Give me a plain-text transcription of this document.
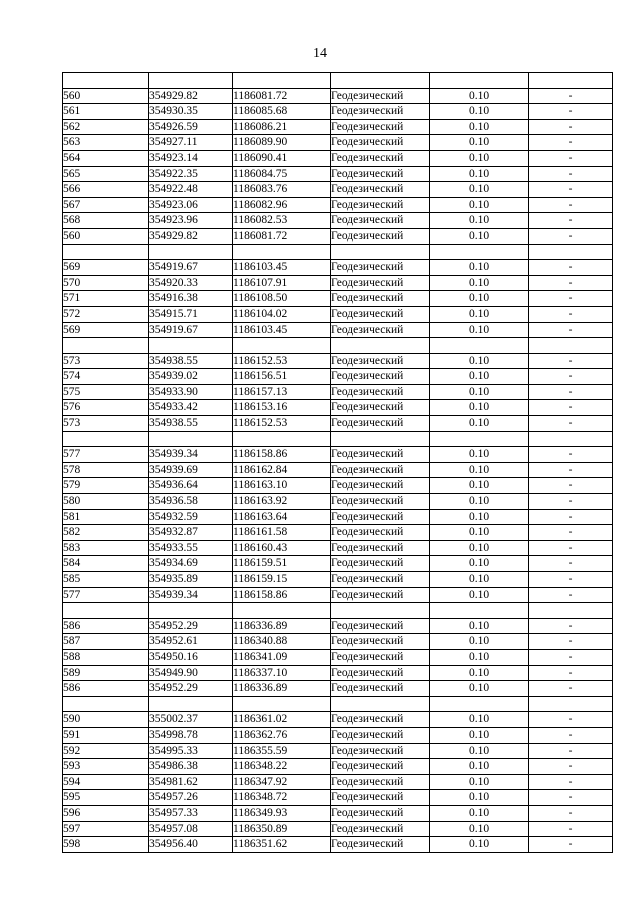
14

560	354929.82	1186081.72	Геодезический	0.10	-
561	354930.35	1186085.68	Геодезический	0.10	-
562	354926.59	1186086.21	Геодезический	0.10	-
563	354927.11	1186089.90	Геодезический	0.10	-
564	354923.14	1186090.41	Геодезический	0.10	-
565	354922.35	1186084.75	Геодезический	0.10	-
566	354922.48	1186083.76	Геодезический	0.10	-
567	354923.06	1186082.96	Геодезический	0.10	-
568	354923.96	1186082.53	Геодезический	0.10	-
560	354929.82	1186081.72	Геодезический	0.10	-

569	354919.67	1186103.45	Геодезический	0.10	-
570	354920.33	1186107.91	Геодезический	0.10	-
571	354916.38	1186108.50	Геодезический	0.10	-
572	354915.71	1186104.02	Геодезический	0.10	-
569	354919.67	1186103.45	Геодезический	0.10	-

573	354938.55	1186152.53	Геодезический	0.10	-
574	354939.02	1186156.51	Геодезический	0.10	-
575	354933.90	1186157.13	Геодезический	0.10	-
576	354933.42	1186153.16	Геодезический	0.10	-
573	354938.55	1186152.53	Геодезический	0.10	-

577	354939.34	1186158.86	Геодезический	0.10	-
578	354939.69	1186162.84	Геодезический	0.10	-
579	354936.64	1186163.10	Геодезический	0.10	-
580	354936.58	1186163.92	Геодезический	0.10	-
581	354932.59	1186163.64	Геодезический	0.10	-
582	354932.87	1186161.58	Геодезический	0.10	-
583	354933.55	1186160.43	Геодезический	0.10	-
584	354934.69	1186159.51	Геодезический	0.10	-
585	354935.89	1186159.15	Геодезический	0.10	-
577	354939.34	1186158.86	Геодезический	0.10	-

586	354952.29	1186336.89	Геодезический	0.10	-
587	354952.61	1186340.88	Геодезический	0.10	-
588	354950.16	1186341.09	Геодезический	0.10	-
589	354949.90	1186337.10	Геодезический	0.10	-
586	354952.29	1186336.89	Геодезический	0.10	-

590	355002.37	1186361.02	Геодезический	0.10	-
591	354998.78	1186362.76	Геодезический	0.10	-
592	354995.33	1186355.59	Геодезический	0.10	-
593	354986.38	1186348.22	Геодезический	0.10	-
594	354981.62	1186347.92	Геодезический	0.10	-
595	354957.26	1186348.72	Геодезический	0.10	-
596	354957.33	1186349.93	Геодезический	0.10	-
597	354957.08	1186350.89	Геодезический	0.10	-
598	354956.40	1186351.62	Геодезический	0.10	-
